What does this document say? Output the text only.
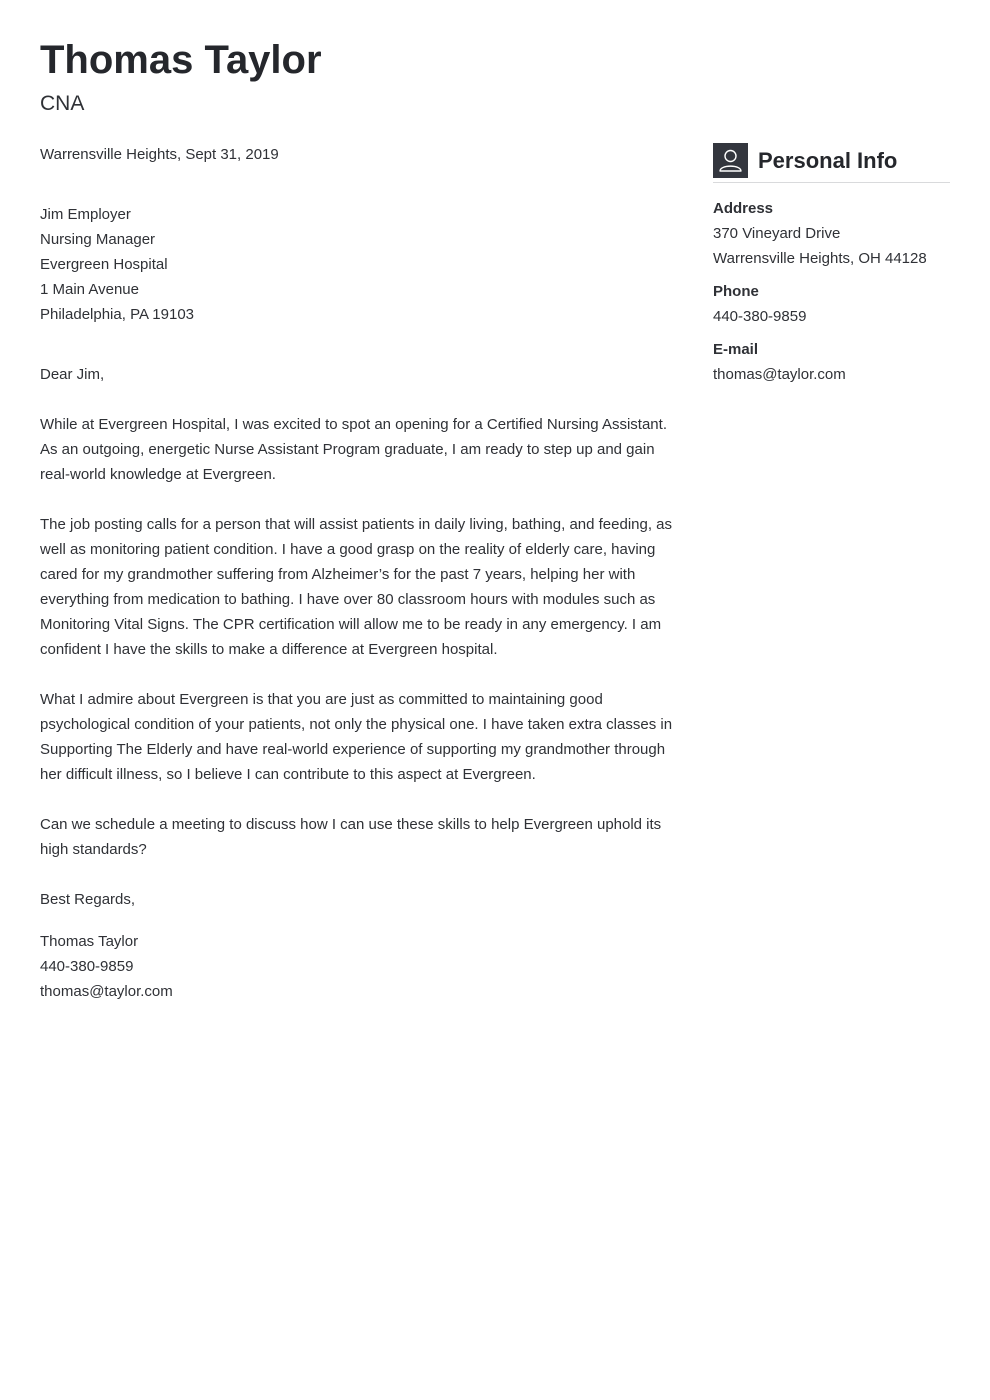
Thomas Taylor
CNA

Warrensville Heights, Sept 31, 2019

Jim Employer
Nursing Manager
Evergreen Hospital
1 Main Avenue
Philadelphia, PA 19103

Dear Jim,

While at Evergreen Hospital, I was excited to spot an opening for a Certified Nursing Assistant. As an outgoing, energetic Nurse Assistant Program graduate, I am ready to step up and gain real-world knowledge at Evergreen.

The job posting calls for a person that will assist patients in daily living, bathing, and feeding, as well as monitoring patient condition. I have a good grasp on the reality of elderly care, having cared for my grandmother suffering from Alzheimer’s for the past 7 years, helping her with everything from medication to bathing. I have over 80 classroom hours with modules such as Monitoring Vital Signs. The CPR certification will allow me to be ready in any emergency. I am confident I have the skills to make a difference at Evergreen hospital.

What I admire about Evergreen is that you are just as committed to maintaining good psychological condition of your patients, not only the physical one. I have taken extra classes in Supporting The Elderly and have real-world experience of supporting my grandmother through her difficult illness, so I believe I can contribute to this aspect at Evergreen.

Can we schedule a meeting to discuss how I can use these skills to help Evergreen uphold its high standards?

Best Regards,

Thomas Taylor
440-380-9859
thomas@taylor.com
Personal Info
Address
370 Vineyard Drive
Warrensville Heights, OH 44128
Phone
440-380-9859
E-mail
thomas@taylor.com
